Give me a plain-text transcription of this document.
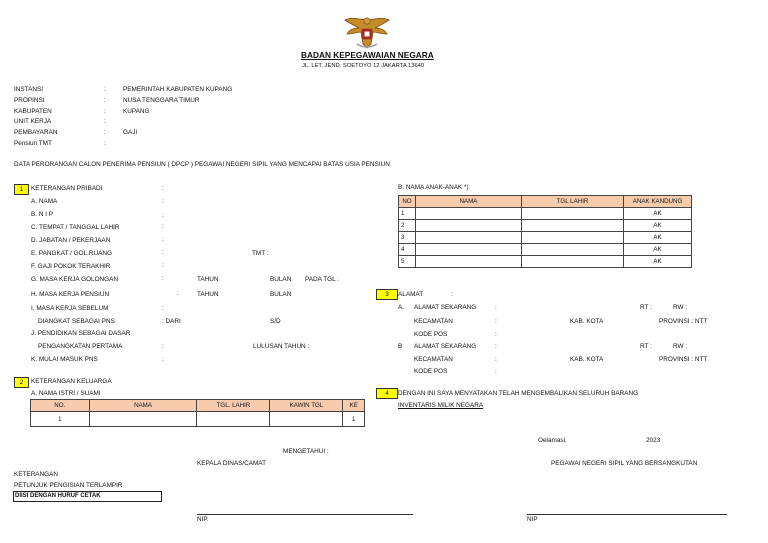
BADAN KEPEGAWAIAN NEGARA
JL. LET. JEND. SOETOYO 12 JAKARTA 13640
INSTANSI	:	PEMERINTAH KABUPATEN KUPANG
PROPINSI	:	NUSA TENGGARA TIMUR
KABUPATEN	:	KUPANG
UNIT KERJA	:
PEMBAYARAN	:	GAJI
Pensiun TMT	:
DATA PERORANGAN CALON PENERIMA PENSIUN ( DPCP ) PEGAWAI NEGERI SIPIL YANG MENCAPAI BATAS USIA PENSIUN
1	KETERANGAN PRIBADI	:
A. NAMA	:
B. N I P	:
C. TEMPAT / TANGGAL LAHIR	:
D. JABATAN / PEKERJAAN	:
E. PANGKAT / GOL.RUANG	:	TMT :
F. GAJI POKOK TERAKHIR	:
G. MASA KERJA GOLONGAN	:	TAHUN	BULAN PADA TGL :
H. MASA KERJA PENSIUN	:	TAHUN	BULAN
I. MASA KERJA SEBELUM	:
DIANGKAT SEBAGAI PNS	: DARI	S/D
J. PENDIDIKAN SEBAGAI DASAR
PENGANGKATAN PERTAMA	:	LULUSAN TAHUN :
K. MULAI MASUK PNS	:
2	KETERANGAN KELUARGA
A. NAMA ISTRI / SUAMI
NO.	NAMA	TGL. LAHIR	KAWIN TGL	KE
1				1
B. NAMA ANAK-ANAK *)
NO	NAMA	TGL LAHIR	ANAK KANDUNG
1			AK
2			AK
3			AK
4			AK
5			AK
3	ALAMAT	:
A. ALAMAT SEKARANG	:	RT :	RW :
KECAMATAN	:	KAB. KOTA	PROVINSI : NTT
KODE POS	:
B ALAMAT SEKARANG	:	RT :	RW :
KECAMATAN	:	KAB. KOTA	PROVINSI : NTT
KODE POS	:
4	DENGAN INI SAYA MENYATAKAN TELAH MENGEMBALIKAN SELURUH BARANG
INVENTARIS MILIK NEGARA
Oelamasi,	2023
MENGETAHUI :
KEPALA DINAS/CAMAT	PEGAWAI NEGERI SIPIL YANG BERSANGKUTAN
KETERANGAN
PETUNJUK PENGISIAN TERLAMPIR
DIISI DENGAN HURUF CETAK
NIP.	NIP
